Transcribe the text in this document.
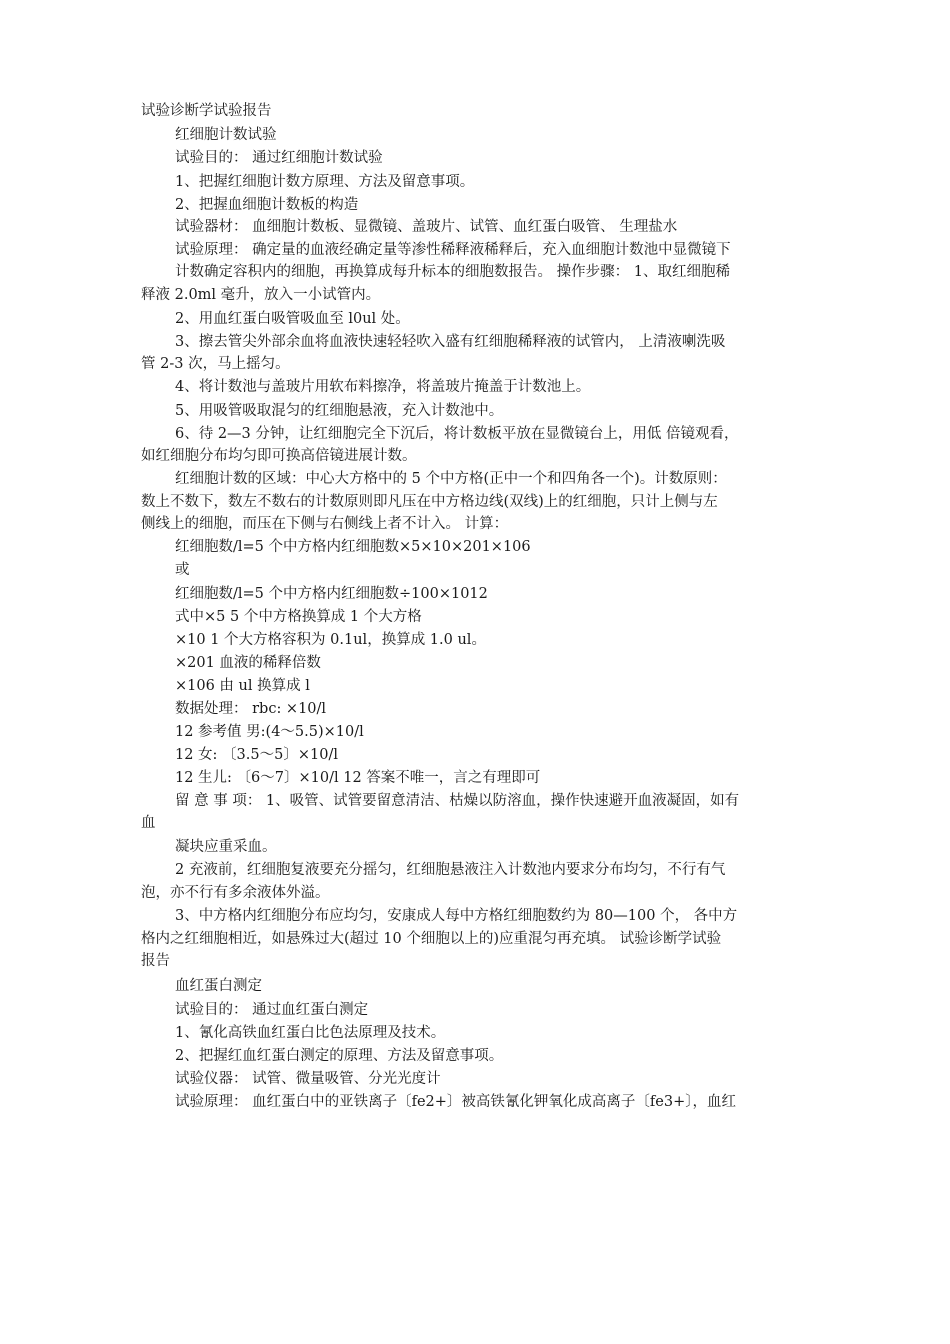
试验诊断学试验报告
红细胞计数试验
试验目的： 通过红细胞计数试验
1、把握红细胞计数方原理、方法及留意事项。
2、把握血细胞计数板的构造
试验器材： 血细胞计数板、显微镜、盖玻片、试管、血红蛋白吸管、 生理盐水
试验原理： 确定量的血液经确定量等渗性稀释液稀释后，充入血细胞计数池中显微镜下
计数确定容积内的细胞，再换算成每升标本的细胞数报告。 操作步骤： 1、取红细胞稀
释液 2.0ml 毫升，放入一小试管内。
2、用血红蛋白吸管吸血至 l0ul 处。
3、擦去管尖外部余血将血液快速轻轻吹入盛有红细胞稀释液的试管内， 上清液喇洗吸
管 2-3 次，马上摇匀。
4、将计数池与盖玻片用软布料擦净，将盖玻片掩盖于计数池上。
5、用吸管吸取混匀的红细胞悬液，充入计数池中。
6、待 2—3 分钟，让红细胞完全下沉后，将计数板平放在显微镜台上，用低 倍镜观看，
如红细胞分布均匀即可换高倍镜进展计数。
红细胞计数的区域：中心大方格中的 5 个中方格(正中一个和四角各一个)。计数原则：
数上不数下，数左不数右的计数原则即凡压在中方格边线(双线)上的红细胞，只计上侧与左
侧线上的细胞，而压在下侧与右侧线上者不计入。 计算：
红细胞数/l=5 个中方格内红细胞数×5×10×201×106
或
红细胞数/l=5 个中方格内红细胞数÷100×1012
式中×5 5 个中方格换算成 1 个大方格
×10 1 个大方格容积为 0.1ul，换算成 1.0 ul。
×201 血液的稀释倍数
×106 由 ul 换算成 l
数据处理： rbc: ×10/l
12 参考值 男:(4～5.5)×10/l
12 女: 〔3.5～5〕×10/l
12 生儿: 〔6～7〕×10/l 12 答案不唯一，言之有理即可
留 意 事 项： 1、吸管、试管要留意清洁、枯燥以防溶血，操作快速避开血液凝固，如有
血
凝块应重采血。
2 充液前，红细胞复液要充分摇匀，红细胞悬液注入计数池内要求分布均匀，不行有气
泡，亦不行有多余液体外溢。
3、中方格内红细胞分布应均匀，安康成人每中方格红细胞数约为 80—100 个， 各中方
格内之红细胞相近，如悬殊过大(超过 10 个细胞以上的)应重混匀再充填。 试验诊断学试验
报告
血红蛋白测定
试验目的： 通过血红蛋白测定
1、氰化高铁血红蛋白比色法原理及技术。
2、把握红血红蛋白测定的原理、方法及留意事项。
试验仪器： 试管、微量吸管、分光光度计
试验原理： 血红蛋白中的亚铁离子〔fe2+〕被高铁氰化钾氧化成高离子〔fe3+〕，血红
